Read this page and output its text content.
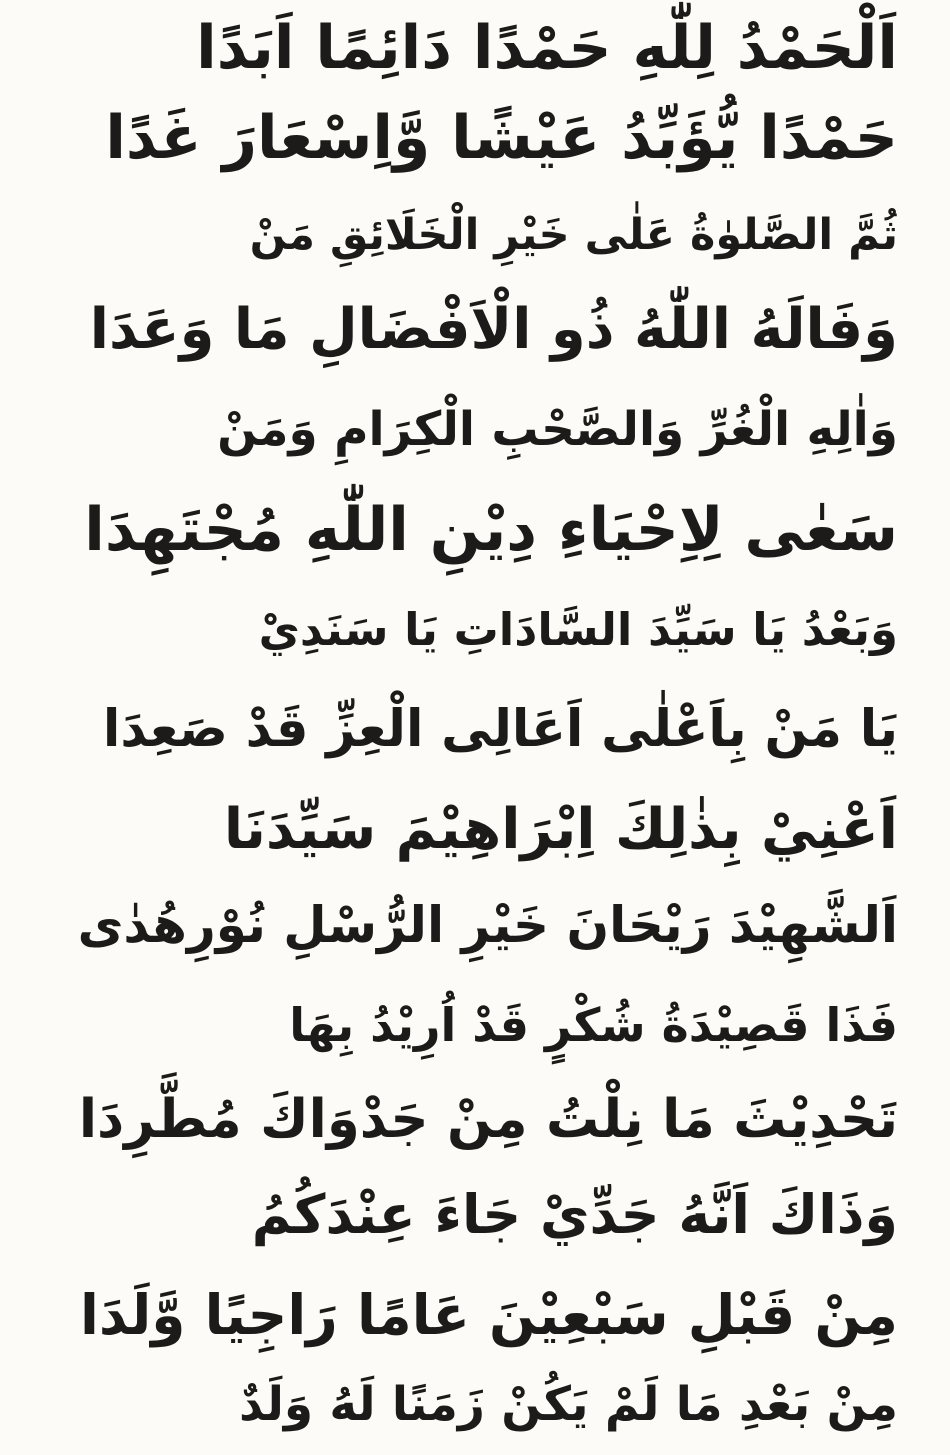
اَلْحَمْدُ لِلّٰهِ حَمْدًا دَائِمًا اَبَدًا
حَمْدًا يُّؤَبِّدُ عَيْشًا وَّاِسْعَارَ غَدًا
ثُمَّ الصَّلوٰةُ عَلٰى خَيْرِ الْخَلَائِقِ مَنْ
وَفَالَهُ اللّٰهُ ذُو الْاَفْضَالِ مَا وَعَدَا
وَاٰلِهِ الْغُرِّ وَالصَّحْبِ الْكِرَامِ وَمَنْ
سَعٰى لِاِحْيَاءِ دِيْنِ اللّٰهِ مُجْتَهِدَا
وَبَعْدُ يَا سَيِّدَ السَّادَاتِ يَا سَنَدِيْ
يَا مَنْ بِاَعْلٰى اَعَالِى الْعِزِّ قَدْ صَعِدَا
اَعْنِيْ بِذٰلِكَ اِبْرَاهِيْمَ سَيِّدَنَا
اَلشَّهِيْدَ رَيْحَانَ خَيْرِ الرُّسْلِ نُوْرِهُدٰى
فَذَا قَصِيْدَةُ شُكْرٍ قَدْ اُرِيْدُ بِهَا
تَحْدِيْثَ مَا نِلْتُ مِنْ جَدْوَاكَ مُطَّرِدَا
وَذَاكَ اَنَّهُ جَدِّيْ جَاءَ عِنْدَكُمُ
مِنْ قَبْلِ سَبْعِيْنَ عَامًا رَاجِيًا وَّلَدَا
مِنْ بَعْدِ مَا لَمْ يَكُنْ زَمَنًا لَهُ وَلَدٌ
